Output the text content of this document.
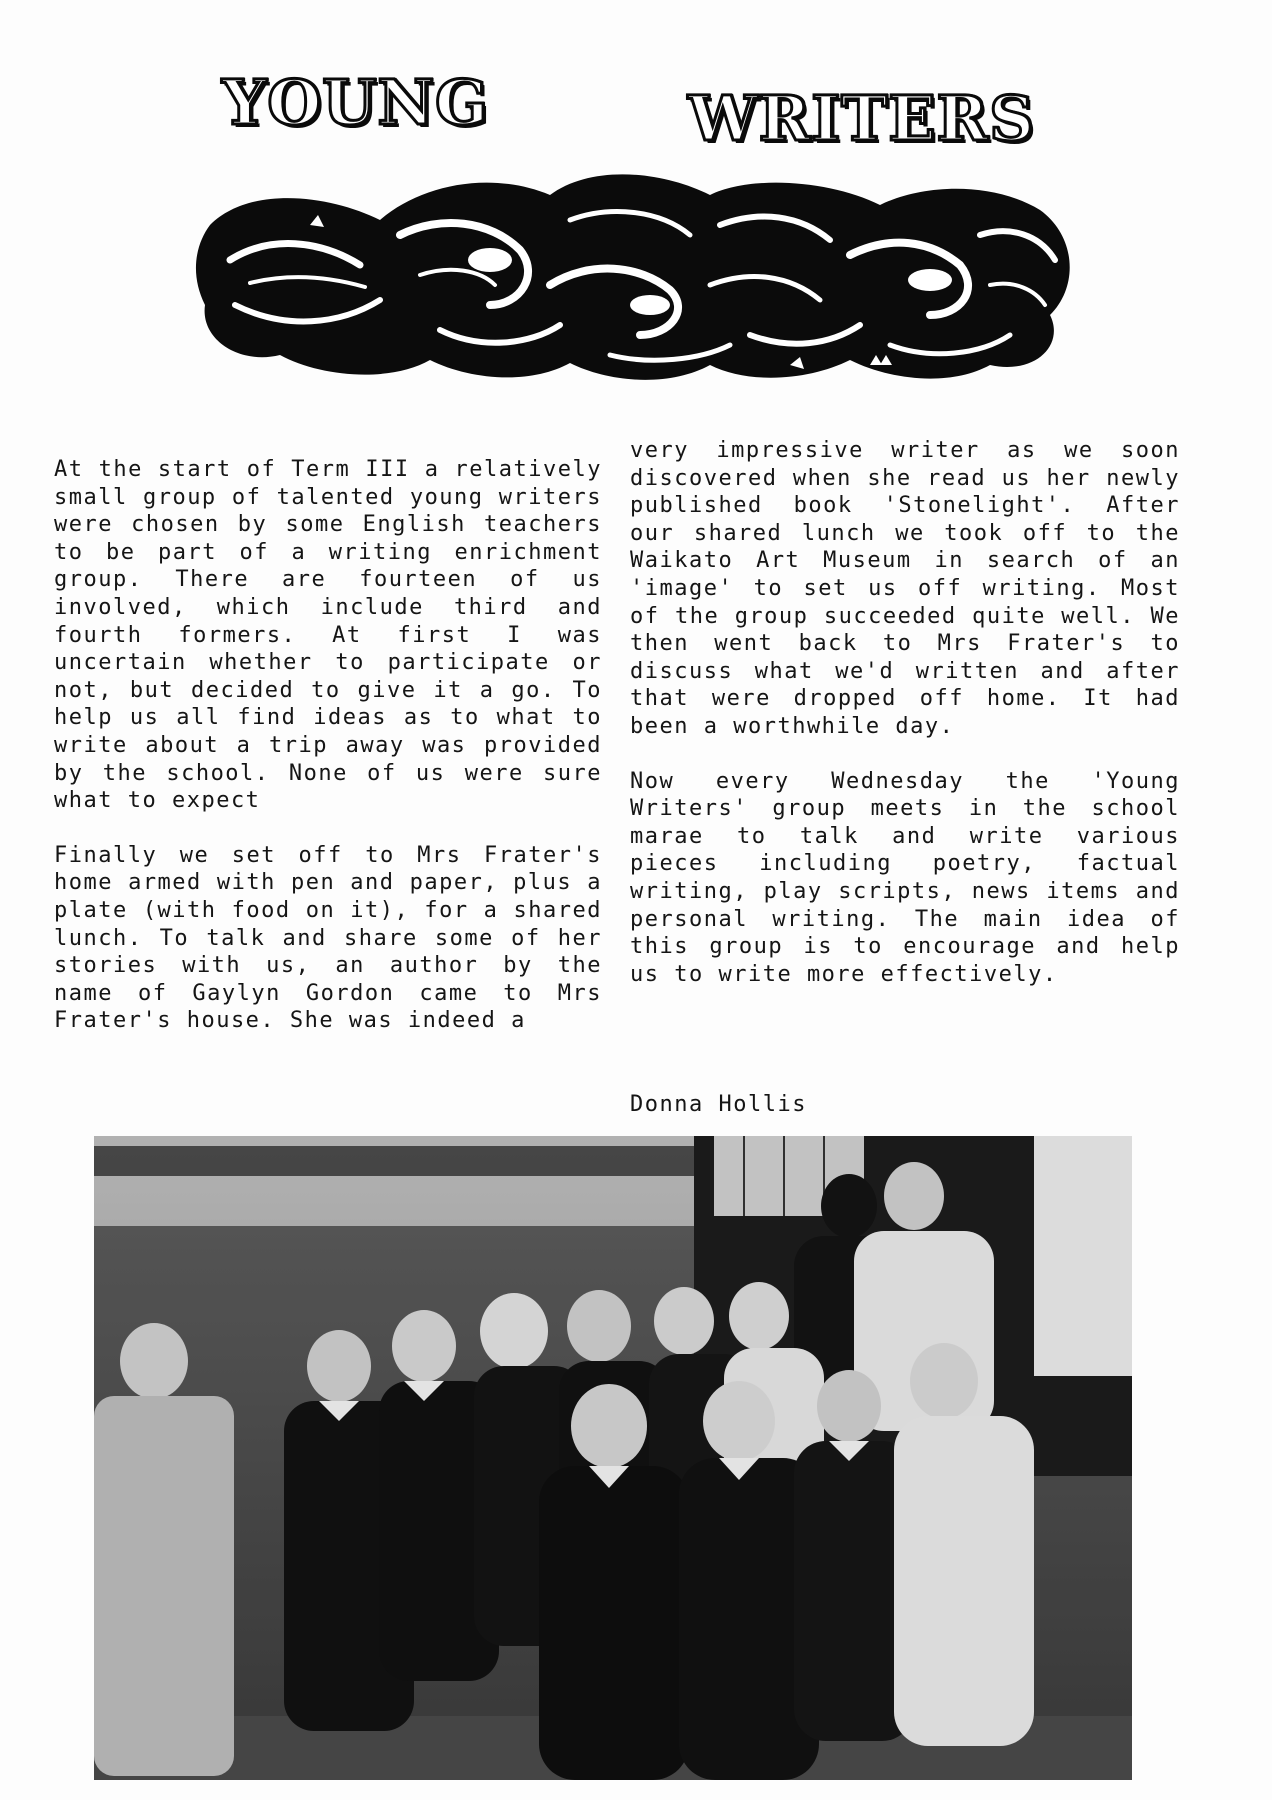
YOUNG	WRITERS

At the start of Term III a relatively small group of talented young writers were chosen by some English teachers to be part of a writing enrichment group. There are fourteen of us involved, which include third and fourth formers. At first I was uncertain whether to participate or not, but decided to give it a go. To help us all find ideas as to what to write about a trip away was provided by the school. None of us were sure what to expect

Finally we set off to Mrs Frater's home armed with pen and paper, plus a plate (with food on it), for a shared lunch. To talk and share some of her stories with us, an author by the name of Gaylyn Gordon came to Mrs Frater's house. She was indeed a

very impressive writer as we soon discovered when she read us her newly published book 'Stonelight'. After our shared lunch we took off to the Waikato Art Museum in search of an 'image' to set us off writing. Most of the group succeeded quite well. We then went back to Mrs Frater's to discuss what we'd written and after that were dropped off home. It had been a worthwhile day.

Now every Wednesday the 'Young Writers' group meets in the school marae to talk and write various pieces including poetry, factual writing, play scripts, news items and personal writing. The main idea of this group is to encourage and help us to write more effectively.

Donna Hollis
